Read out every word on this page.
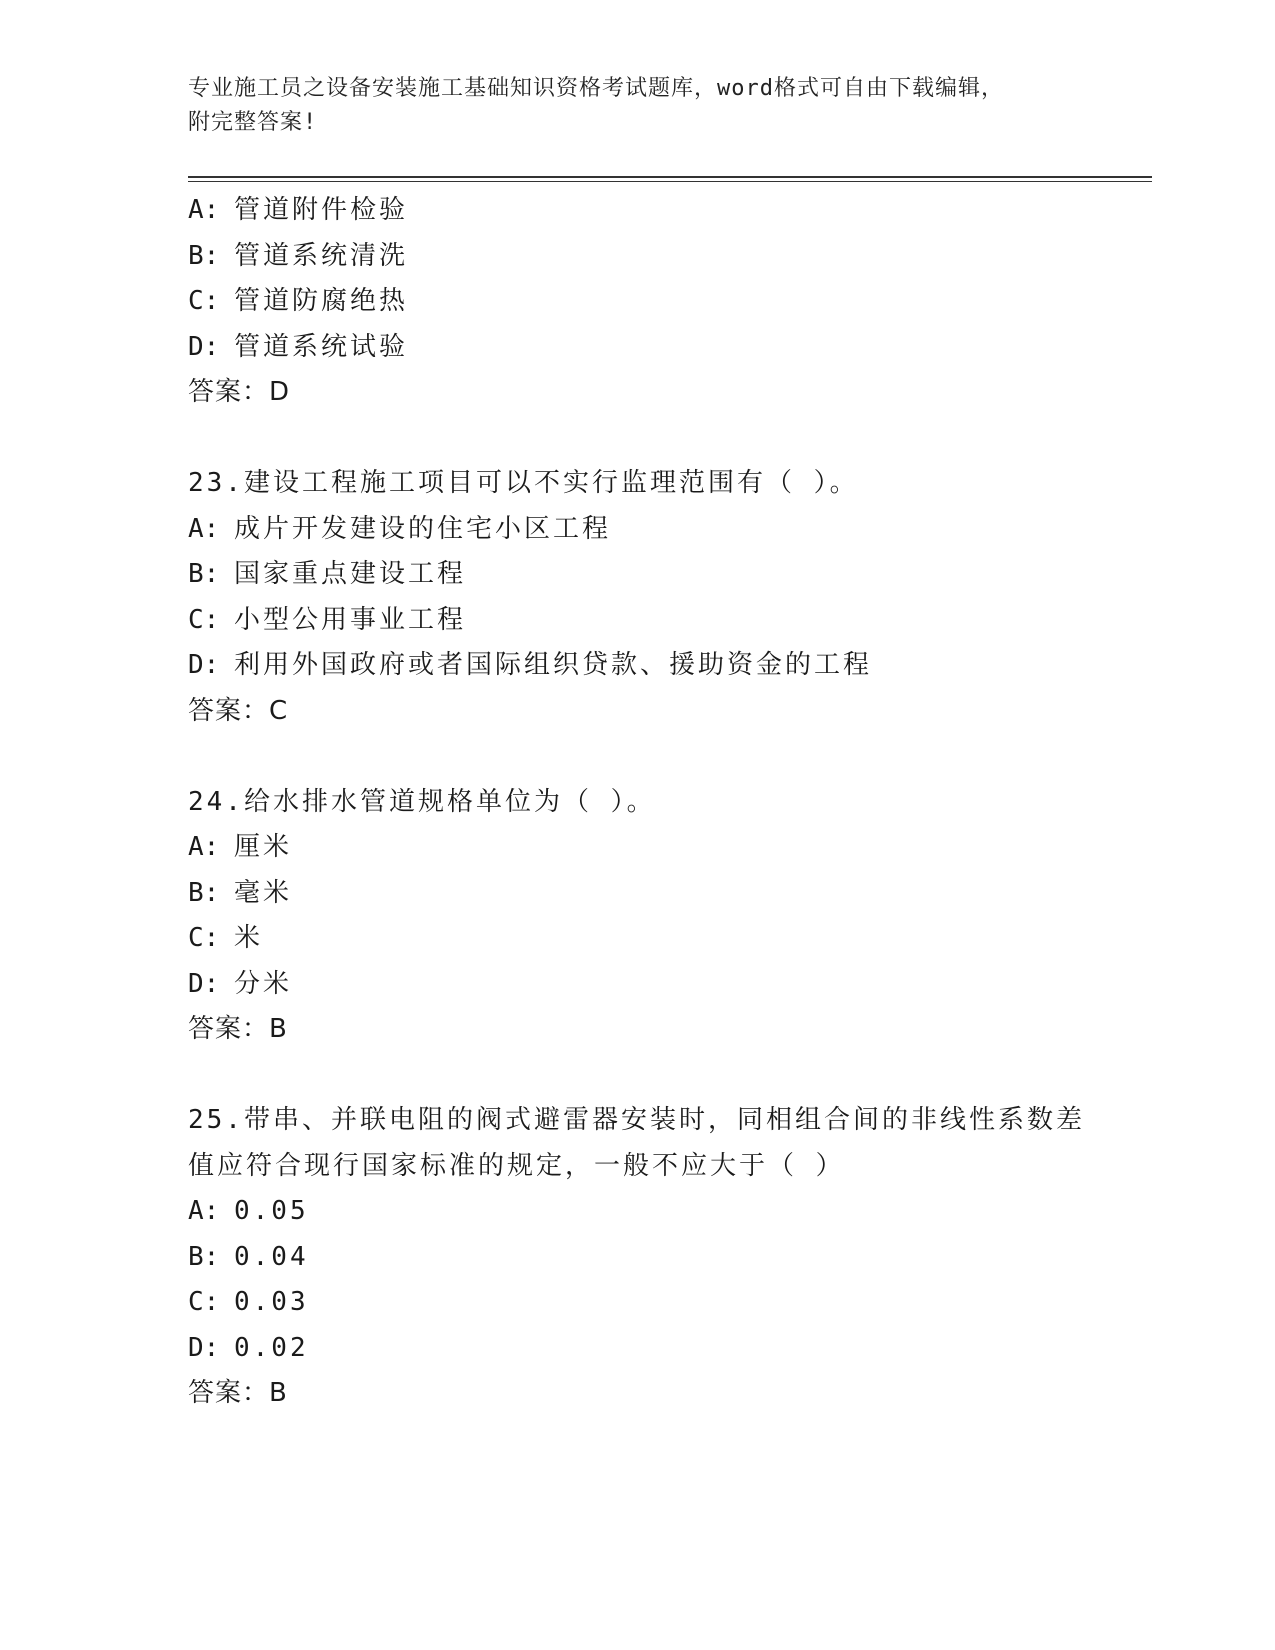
专业施工员之设备安装施工基础知识资格考试题库，word格式可自由下载编辑，

附完整答案!

A: 管道附件检验
B: 管道系统清洗
C: 管道防腐绝热
D: 管道系统试验
答案：D
23.建设工程施工项目可以不实行监理范围有（ ）。
A: 成片开发建设的住宅小区工程
B: 国家重点建设工程
C: 小型公用事业工程
D: 利用外国政府或者国际组织贷款、援助资金的工程
答案：C
24.给水排水管道规格单位为（ ）。
A: 厘米
B: 毫米
C: 米
D: 分米
答案：B
25.带串、并联电阻的阀式避雷器安装时，同相组合间的非线性系数差
值应符合现行国家标准的规定，一般不应大于（ ）
A: 0.05
B: 0.04
C: 0.03
D: 0.02
答案：B
